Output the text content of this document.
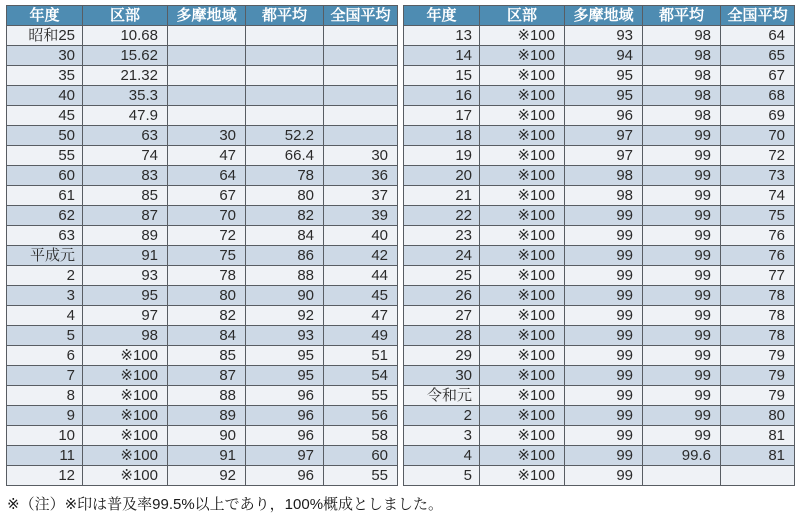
年度	区部	多摩地域	都平均	全国平均
昭和25	10.68			
30	15.62			
35	21.32			
40	35.3			
45	47.9			
50	63	30	52.2	
55	74	47	66.4	30
60	83	64	78	36
61	85	67	80	37
62	87	70	82	39
63	89	72	84	40
平成元	91	75	86	42
2	93	78	88	44
3	95	80	90	45
4	97	82	92	47
5	98	84	93	49
6	※100	85	95	51
7	※100	87	95	54
8	※100	88	96	55
9	※100	89	96	56
10	※100	90	96	58
11	※100	91	97	60
12	※100	92	96	55
年度	区部	多摩地域	都平均	全国平均
13	※100	93	98	64
14	※100	94	98	65
15	※100	95	98	67
16	※100	95	98	68
17	※100	96	98	69
18	※100	97	99	70
19	※100	97	99	72
20	※100	98	99	73
21	※100	98	99	74
22	※100	99	99	75
23	※100	99	99	76
24	※100	99	99	76
25	※100	99	99	77
26	※100	99	99	78
27	※100	99	99	78
28	※100	99	99	78
29	※100	99	99	79
30	※100	99	99	79
令和元	※100	99	99	79
2	※100	99	99	80
3	※100	99	99	81
4	※100	99	99.6	81
5	※100	99		
※（注）※印は普及率99.5%以上であり，100%概成としました。
